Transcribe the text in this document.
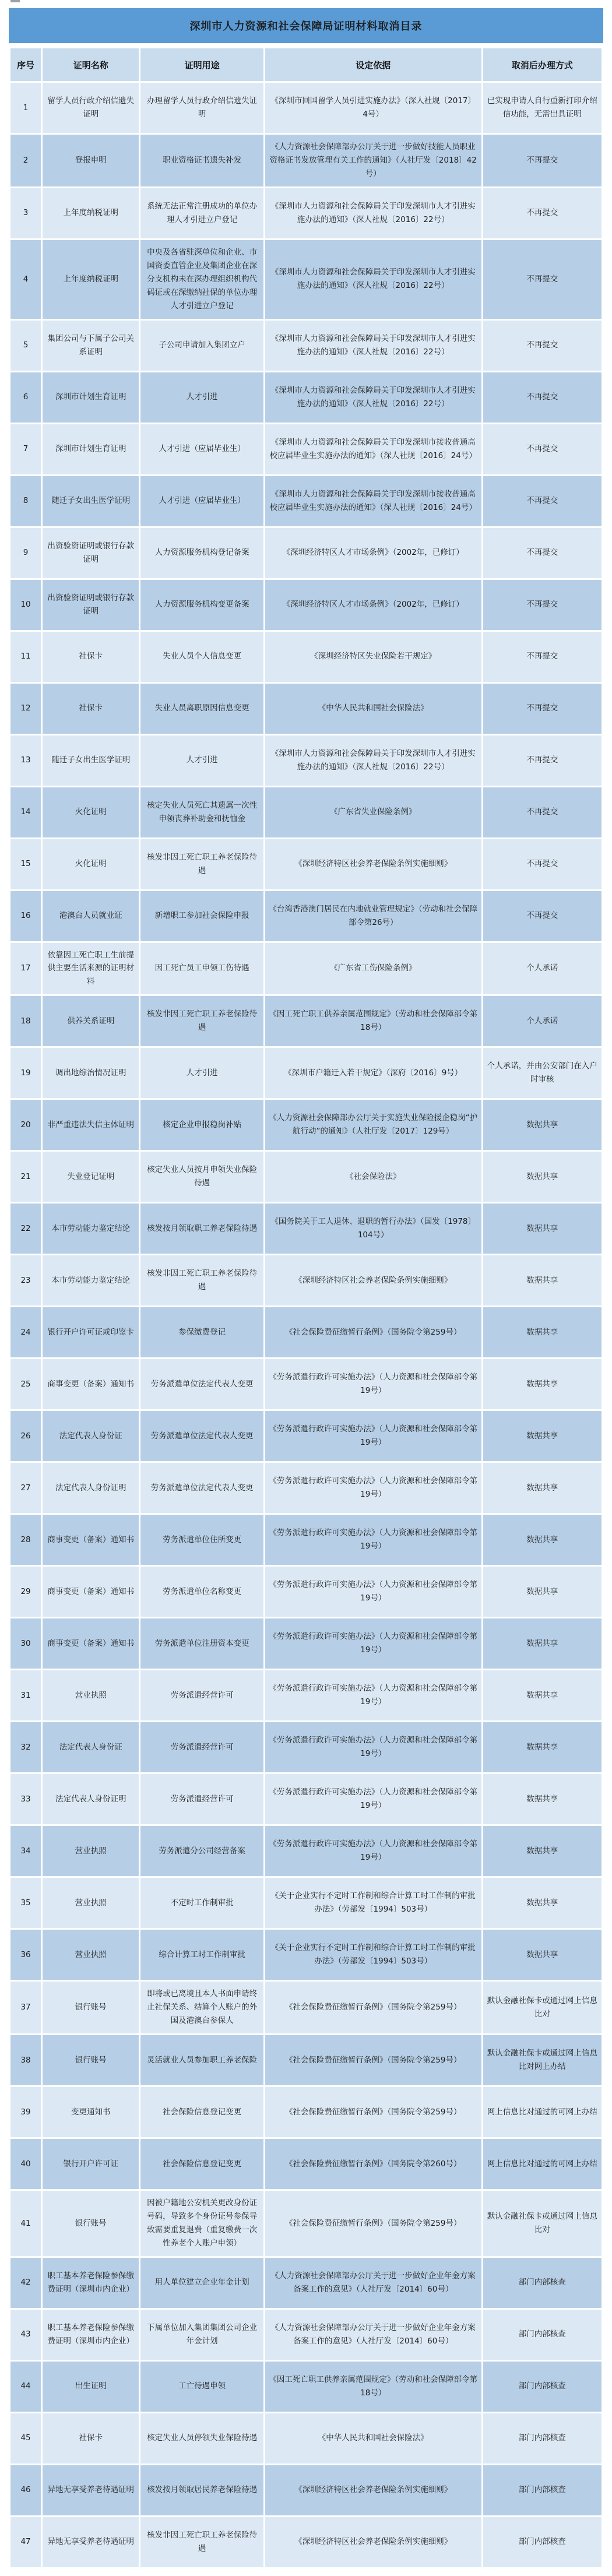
深圳市人力资源和社会保障局证明材料取消目录
序号	证明名称	证明用途	设定依据	取消后办理方式
1	留学人员行政介绍信遗失证明	办理留学人员行政介绍信遗失证明	《深圳市回国留学人员引进实施办法》（深人社规〔2017〕4号）	已实现申请人自行重新打印介绍信功能，无需出具证明
2	登报申明	职业资格证书遗失补发	《人力资源社会保障部办公厅关于进一步做好技能人员职业资格证书发放管理有关工作的通知》（人社厅发〔2018〕42号）	不再提交
3	上年度纳税证明	系统无法正常注册成功的单位办理人才引进立户登记	《深圳市人力资源和社会保障局关于印发深圳市人才引进实施办法的通知》（深人社规〔2016〕22号）	不再提交
4	上年度纳税证明	中央及各省驻深单位和企业、市国资委直管企业及集团企业在深分支机构未在深办理组织机构代码证或在深缴纳社保的单位办理人才引进立户登记	《深圳市人力资源和社会保障局关于印发深圳市人才引进实施办法的通知》（深人社规〔2016〕22号）	不再提交
5	集团公司与下属子公司关系证明	子公司申请加入集团立户	《深圳市人力资源和社会保障局关于印发深圳市人才引进实施办法的通知》（深人社规〔2016〕22号）	不再提交
6	深圳市计划生育证明	人才引进	《深圳市人力资源和社会保障局关于印发深圳市人才引进实施办法的通知》（深人社规〔2016〕22号）	不再提交
7	深圳市计划生育证明	人才引进（应届毕业生）	《深圳市人力资源和社会保障局关于印发深圳市接收普通高校应届毕业生实施办法的通知》（深人社规〔2016〕24号）	不再提交
8	随迁子女出生医学证明	人才引进（应届毕业生）	《深圳市人力资源和社会保障局关于印发深圳市接收普通高校应届毕业生实施办法的通知》（深人社规〔2016〕24号）	不再提交
9	出资验资证明或银行存款证明	人力资源服务机构登记备案	《深圳经济特区人才市场条例》（2002年，已修订）	不再提交
10	出资验资证明或银行存款证明	人力资源服务机构变更备案	《深圳经济特区人才市场条例》（2002年，已修订）	不再提交
11	社保卡	失业人员个人信息变更	《深圳经济特区失业保险若干规定》	不再提交
12	社保卡	失业人员离职原因信息变更	《中华人民共和国社会保险法》	不再提交
13	随迁子女出生医学证明	人才引进	《深圳市人力资源和社会保障局关于印发深圳市人才引进实施办法的通知》（深人社规〔2016〕22号）	不再提交
14	火化证明	核定失业人员死亡其遗属一次性申领丧葬补助金和抚恤金	《广东省失业保险条例》	不再提交
15	火化证明	核发非因工死亡职工养老保险待遇	《深圳经济特区社会养老保险条例实施细则》	不再提交
16	港澳台人员就业证	新增职工参加社会保险申报	《台湾香港澳门居民在内地就业管理规定》（劳动和社会保障部令第26号）	不再提交
17	依靠因工死亡职工生前提供主要生活来源的证明材料	因工死亡员工申领工伤待遇	《广东省工伤保险条例》	个人承诺
18	供养关系证明	核发非因工死亡职工养老保险待遇	《因工死亡职工供养亲属范围规定》（劳动和社会保障部令第18号）	个人承诺
19	调出地综治情况证明	人才引进	《深圳市户籍迁入若干规定》（深府〔2016〕9号）	个人承诺，并由公安部门在入户时审核
20	非严重违法失信主体证明	核定企业申报稳岗补贴	《人力资源社会保障部办公厅关于实施失业保险援企稳岗“护航行动”的通知》（人社厅发〔2017〕129号）	数据共享
21	失业登记证明	核定失业人员按月申领失业保险待遇	《社会保险法》	数据共享
22	本市劳动能力鉴定结论	核发按月领取职工养老保险待遇	《国务院关于工人退休、退职的暂行办法》（国发〔1978〕104号）	数据共享
23	本市劳动能力鉴定结论	核发非因工死亡职工养老保险待遇	《深圳经济特区社会养老保险条例实施细则》	数据共享
24	银行开户许可证或印鉴卡	参保缴费登记	《社会保险费征缴暂行条例》（国务院令第259号）	数据共享
25	商事变更（备案）通知书	劳务派遣单位法定代表人变更	《劳务派遣行政许可实施办法》（人力资源和社会保障部令第19号）	数据共享
26	法定代表人身份证	劳务派遣单位法定代表人变更	《劳务派遣行政许可实施办法》（人力资源和社会保障部令第19号）	数据共享
27	法定代表人身份证明	劳务派遣单位法定代表人变更	《劳务派遣行政许可实施办法》（人力资源和社会保障部令第19号）	数据共享
28	商事变更（备案）通知书	劳务派遣单位住所变更	《劳务派遣行政许可实施办法》（人力资源和社会保障部令第19号）	数据共享
29	商事变更（备案）通知书	劳务派遣单位名称变更	《劳务派遣行政许可实施办法》（人力资源和社会保障部令第19号）	数据共享
30	商事变更（备案）通知书	劳务派遣单位注册资本变更	《劳务派遣行政许可实施办法》（人力资源和社会保障部令第19号）	数据共享
31	营业执照	劳务派遣经营许可	《劳务派遣行政许可实施办法》（人力资源和社会保障部令第19号）	数据共享
32	法定代表人身份证	劳务派遣经营许可	《劳务派遣行政许可实施办法》（人力资源和社会保障部令第19号）	数据共享
33	法定代表人身份证明	劳务派遣经营许可	《劳务派遣行政许可实施办法》（人力资源和社会保障部令第19号）	数据共享
34	营业执照	劳务派遣分公司经营备案	《劳务派遣行政许可实施办法》（人力资源和社会保障部令第19号）	数据共享
35	营业执照	不定时工作制审批	《关于企业实行不定时工作制和综合计算工时工作制的审批办法》（劳部发〔1994〕503号）	数据共享
36	营业执照	综合计算工时工作制审批	《关于企业实行不定时工作制和综合计算工时工作制的审批办法》（劳部发〔1994〕503号）	数据共享
37	银行账号	即将或已离境且本人书面申请终止社保关系、结算个人账户的外国及港澳台参保人	《社会保险费征缴暂行条例》（国务院令第259号）	默认金融社保卡或通过网上信息比对
38	银行账号	灵活就业人员参加职工养老保险	《社会保险费征缴暂行条例》（国务院令第259号）	默认金融社保卡或通过网上信息比对网上办结
39	变更通知书	社会保险信息登记变更	《社会保险费征缴暂行条例》（国务院令第259号）	网上信息比对通过的可网上办结
40	银行开户许可证	社会保险信息登记变更	《社会保险费征缴暂行条例》（国务院令第260号）	网上信息比对通过的可网上办结
41	银行账号	因被户籍地公安机关更改身份证号码，导致多个身份证号参保导致需要重复退费（重复缴费一次性养老个人账户申领）	《社会保险费征缴暂行条例》（国务院令第259号）	默认金融社保卡或通过网上信息比对
42	职工基本养老保险参保缴费证明（深圳市内企业）	用人单位建立企业年金计划	《人力资源社会保障部办公厅关于进一步做好企业年金方案备案工作的意见》（人社厅发〔2014〕60号）	部门内部核查
43	职工基本养老保险参保缴费证明（深圳市内企业）	下属单位加入集团集团公司企业年金计划	《人力资源社会保障部办公厅关于进一步做好企业年金方案备案工作的意见》（人社厅发〔2014〕60号）	部门内部核查
44	出生证明	工亡待遇申领	《因工死亡职工供养亲属范围规定》（劳动和社会保障部令第18号）	部门内部核查
45	社保卡	核定失业人员停领失业保险待遇	《中华人民共和国社会保险法》	部门内部核查
46	异地无享受养老待遇证明	核发按月领取居民养老保险待遇	《深圳经济特区社会养老保险条例实施细则》	部门内部核查
47	异地无享受养老待遇证明	核发非因工死亡职工养老保险待遇	《深圳经济特区社会养老保险条例实施细则》	部门内部核查
